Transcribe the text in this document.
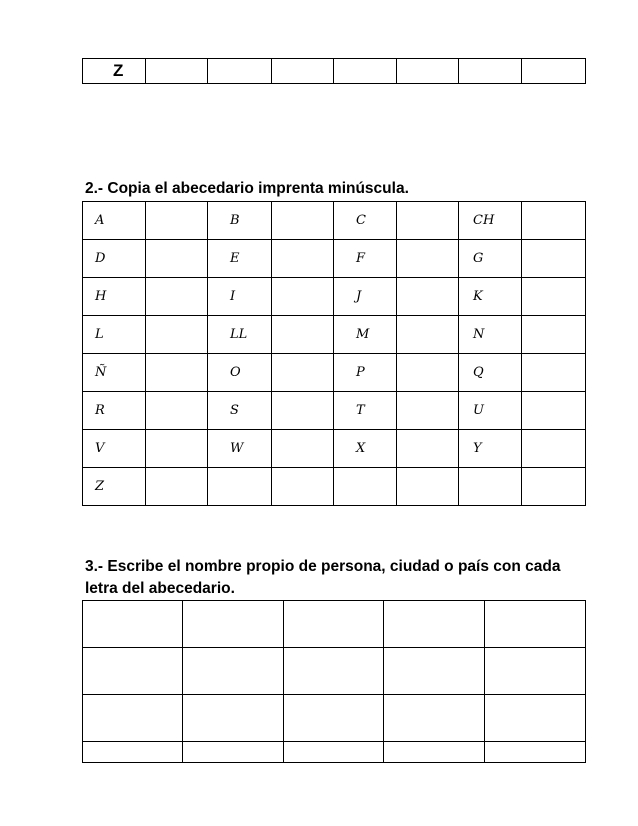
Z							

2.- Copia el abecedario imprenta minúscula.

A		B		C		CH	
D		E		F		G	
H		I		J		K	
L		LL		M		N	
Ñ		O		P		Q	
R		S		T		U	
V		W		X		Y	
Z							

3.- Escribe el nombre propio de persona, ciudad o país con cada letra del abecedario.
